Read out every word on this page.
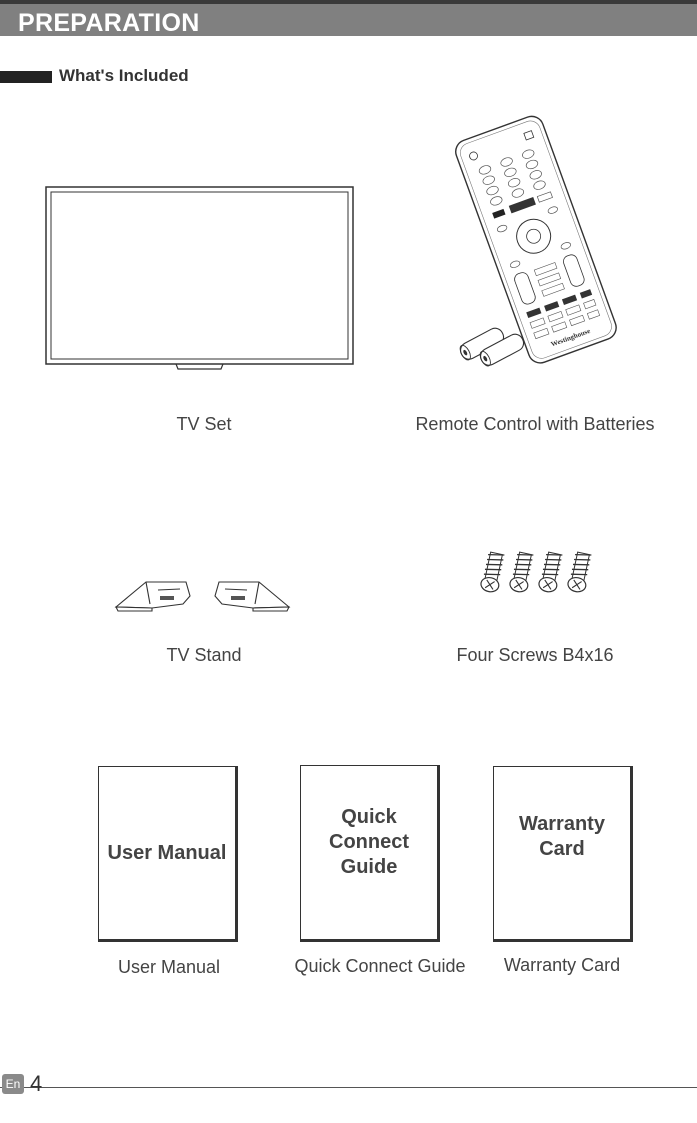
PREPARATION
What's Included
Westinghouse
TV Set	Remote Control with Batteries
TV Stand	Four Screws B4x16
User Manual
Quick
Connect
Guide
Warranty
Card
User Manual	Quick Connect Guide	Warranty Card
En 4
